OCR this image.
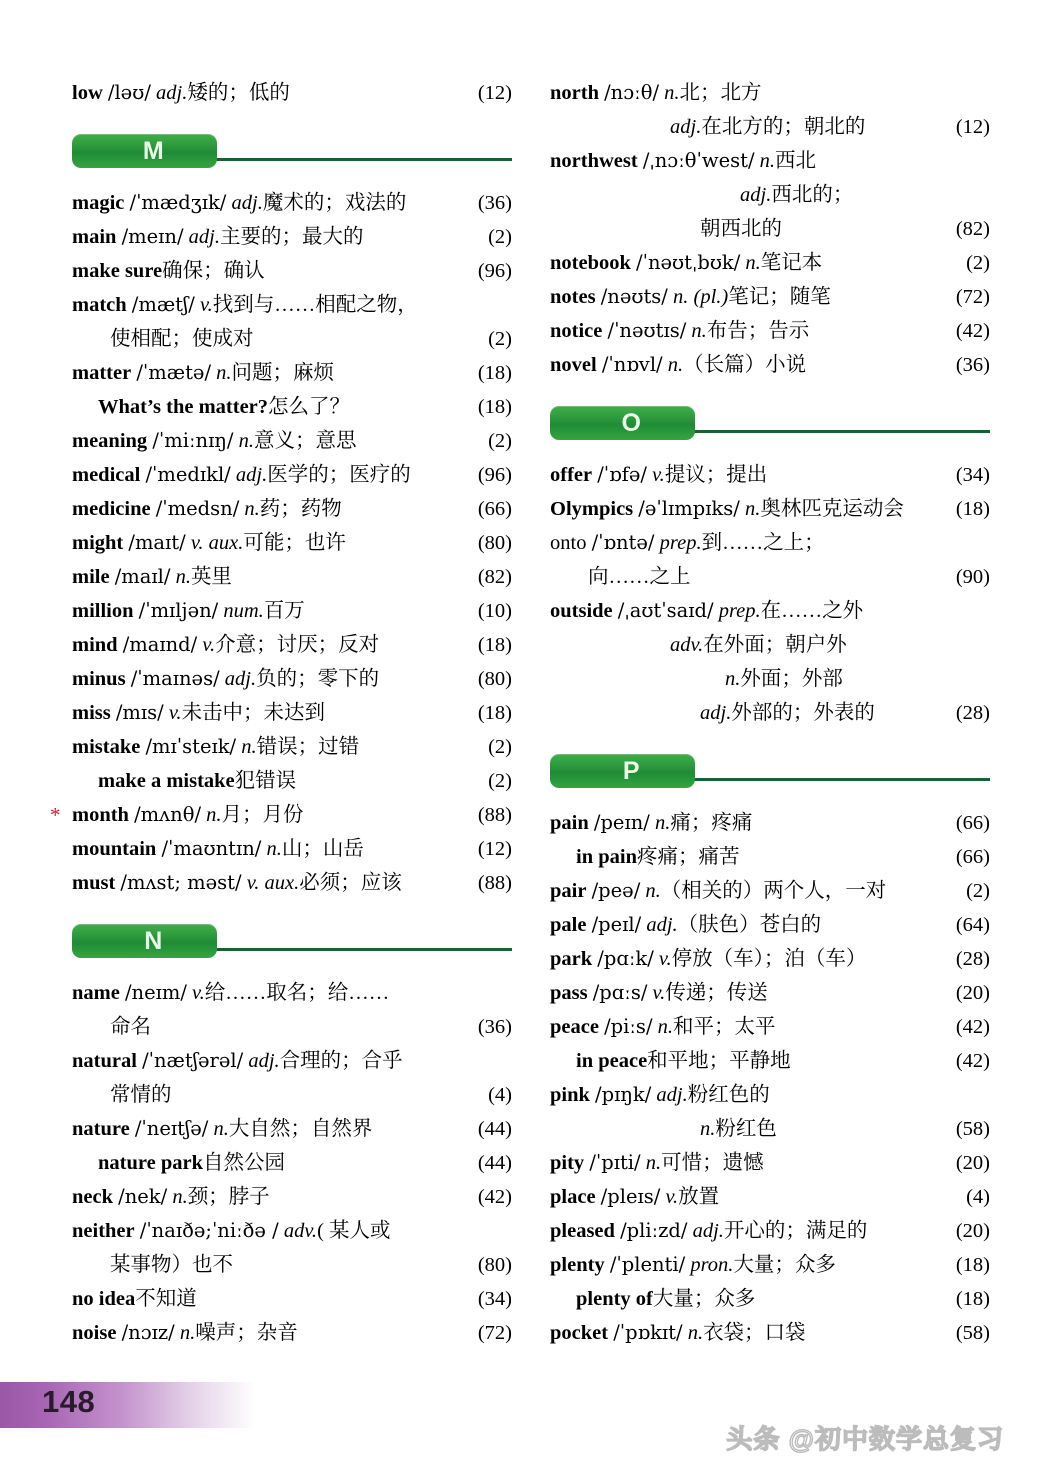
low /ləʊ/ adj.矮的；低的	(12)
M
magic /ˈmædʒɪk/ adj.魔术的；戏法的	(36)
main /meɪn/ adj.主要的；最大的	(2)
make sure确保；确认	(96)
match /mætʃ/ v.找到与……相配之物，
使相配；使成对	(2)
matter /ˈmætə/ n.问题；麻烦	(18)
What’s the matter?怎么了？	(18)
meaning /ˈmiːnɪŋ/ n.意义；意思	(2)
medical /ˈmedɪkl/ adj.医学的；医疗的	(96)
medicine /ˈmedsn/ n.药；药物	(66)
might /maɪt/ v. aux.可能；也许	(80)
mile /maɪl/ n.英里	(82)
million /ˈmɪljən/ num.百万	(10)
mind /maɪnd/ v.介意；讨厌；反对	(18)
minus /ˈmaɪnəs/ adj.负的；零下的	(80)
miss /mɪs/ v.未击中；未达到	(18)
mistake /mɪˈsteɪk/ n.错误；过错	(2)
make a mistake犯错误	(2)
* month /mʌnθ/ n.月；月份	(88)
mountain /ˈmaʊntɪn/ n.山；山岳	(12)
must /mʌst; məst/ v. aux.必须；应该	(88)
N
name /neɪm/ v.给……取名；给……
命名	(36)
natural /ˈnætʃərəl/ adj.合理的；合乎
常情的	(4)
nature /ˈneɪtʃə/ n.大自然；自然界	(44)
nature park自然公园	(44)
neck /nek/ n.颈；脖子	(42)
neither /ˈnaɪðə;ˈniːðə / adv.( 某人或
某事物）也不	(80)
no idea不知道	(34)
noise /nɔɪz/ n.噪声；杂音	(72)
north /nɔːθ/ n.北；北方
adj.在北方的；朝北的	(12)
northwest /ˌnɔːθˈwest/ n.西北
adj.西北的；
朝西北的	(82)
notebook /ˈnəʊtˌbʊk/ n.笔记本	(2)
notes /nəʊts/ n. (pl.)笔记；随笔	(72)
notice /ˈnəʊtɪs/ n.布告；告示	(42)
novel /ˈnɒvl/ n.（长篇）小说	(36)
O
offer /ˈɒfə/ v.提议；提出	(34)
Olympics /əˈlɪmpɪks/ n.奥林匹克运动会	(18)
onto /ˈɒntə/ prep.到……之上；
向……之上	(90)
outside /ˌaʊtˈsaɪd/ prep.在……之外
adv.在外面；朝户外
n.外面；外部
adj.外部的；外表的	(28)
P
pain /peɪn/ n.痛；疼痛	(66)
in pain疼痛；痛苦	(66)
pair /peə/ n.（相关的）两个人，一对	(2)
pale /peɪl/ adj.（肤色）苍白的	(64)
park /pɑːk/ v.停放（车）；泊（车）	(28)
pass /pɑːs/ v.传递；传送	(20)
peace /piːs/ n.和平；太平	(42)
in peace和平地；平静地	(42)
pink /pɪŋk/ adj.粉红色的
n.粉红色	(58)
pity /ˈpɪti/ n.可惜；遗憾	(20)
place /pleɪs/ v.放置	(4)
pleased /pliːzd/ adj.开心的；满足的	(20)
plenty /ˈplenti/ pron.大量；众多	(18)
plenty of大量；众多	(18)
pocket /ˈpɒkɪt/ n.衣袋；口袋	(58)
148
头条 @初中数学总复习
